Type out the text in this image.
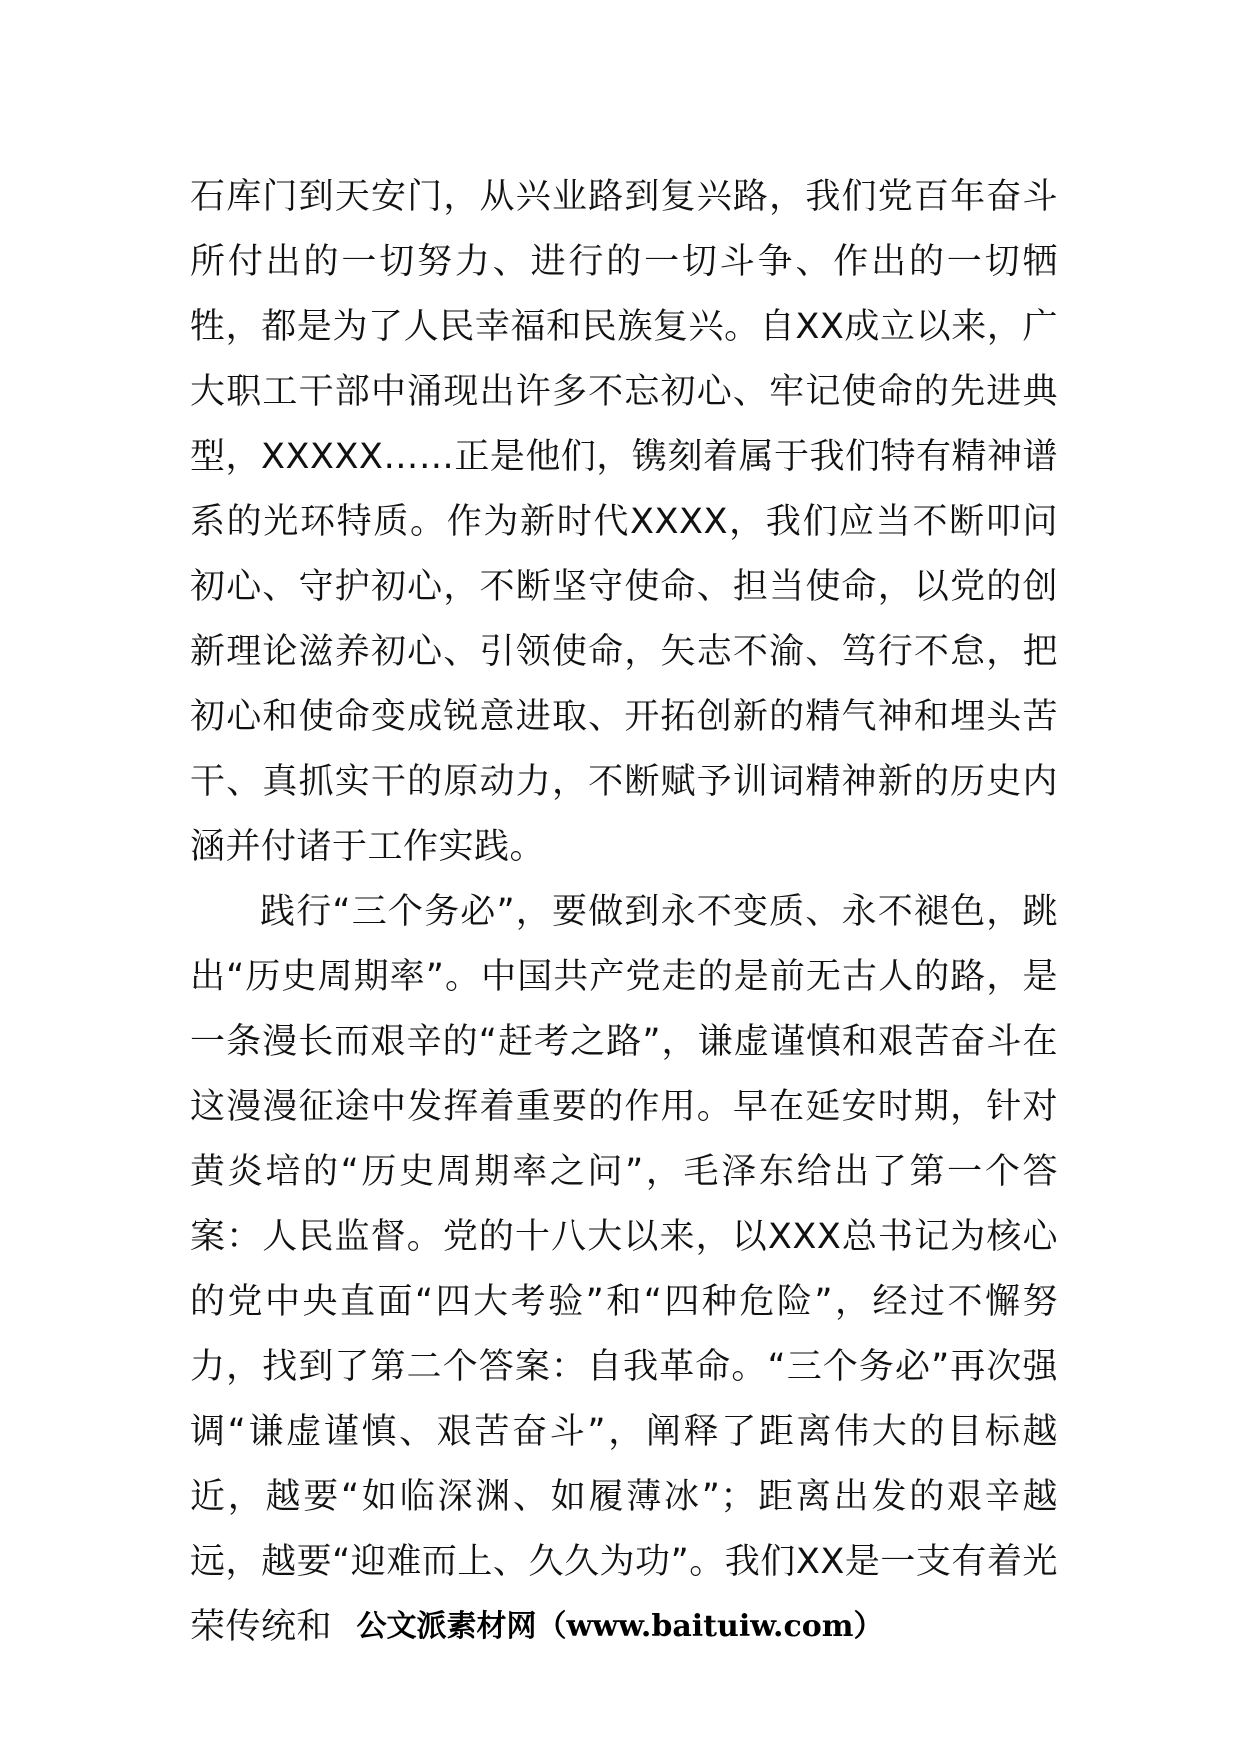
石库门到天安门，从兴业路到复兴路，我们党百年奋斗所付出的一切努力、进行的一切斗争、作出的一切牺牲，都是为了人民幸福和民族复兴。自XX成立以来，广大职工干部中涌现出许多不忘初心、牢记使命的先进典型，XXXXX……正是他们，镌刻着属于我们特有精神谱系的光环特质。作为新时代XXXX，我们应当不断叩问初心、守护初心，不断坚守使命、担当使命，以党的创新理论滋养初心、引领使命，矢志不渝、笃行不怠，把初心和使命变成锐意进取、开拓创新的精气神和埋头苦干、真抓实干的原动力，不断赋予训词精神新的历史内涵并付诸于工作实践。

践行“三个务必”，要做到永不变质、永不褪色，跳出“历史周期率”。中国共产党走的是前无古人的路，是一条漫长而艰辛的“赶考之路”，谦虚谨慎和艰苦奋斗在这漫漫征途中发挥着重要的作用。早在延安时期，针对黄炎培的“历史周期率之问”，毛泽东给出了第一个答案：人民监督。党的十八大以来，以XXX总书记为核心的党中央直面“四大考验”和“四种危险”，经过不懈努力，找到了第二个答案：自我革命。“三个务必”再次强调“谦虚谨慎、艰苦奋斗”，阐释了距离伟大的目标越近，越要“如临深渊、如履薄冰”；距离出发的艰辛越远，越要“迎难而上、久久为功”。我们XX是一支有着光荣传统和 公文派素材网（www.baituiw.com）
